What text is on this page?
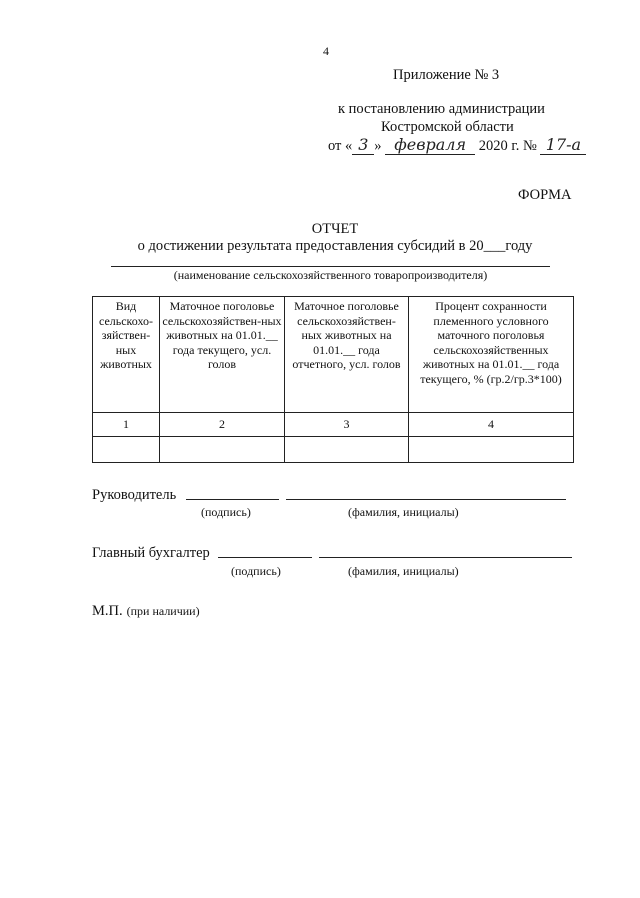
4
Приложение № 3
к постановлению администрации
Костромской области
от « 3 » февраля 2020 г. № 17-а
ФОРМА
ОТЧЕТ
о достижении результата предоставления субсидий в 20___году
(наименование сельскохозяйственного товаропроизводителя)
Вид сельскохо-зяйствен-ных животных	Маточное поголовье сельскохозяйствен-ных животных на 01.01.__ года текущего, усл. голов	Маточное поголовье сельскохозяйствен-ных животных на 01.01.__ года отчетного, усл. голов	Процент сохранности племенного условного маточного поголовья сельскохозяйственных животных на 01.01.__ года текущего, % (гр.2/гр.3*100)
1	2	3	4

Руководитель
(подпись)	(фамилия, инициалы)
Главный бухгалтер
(подпись)	(фамилия, инициалы)
М.П. (при наличии)
